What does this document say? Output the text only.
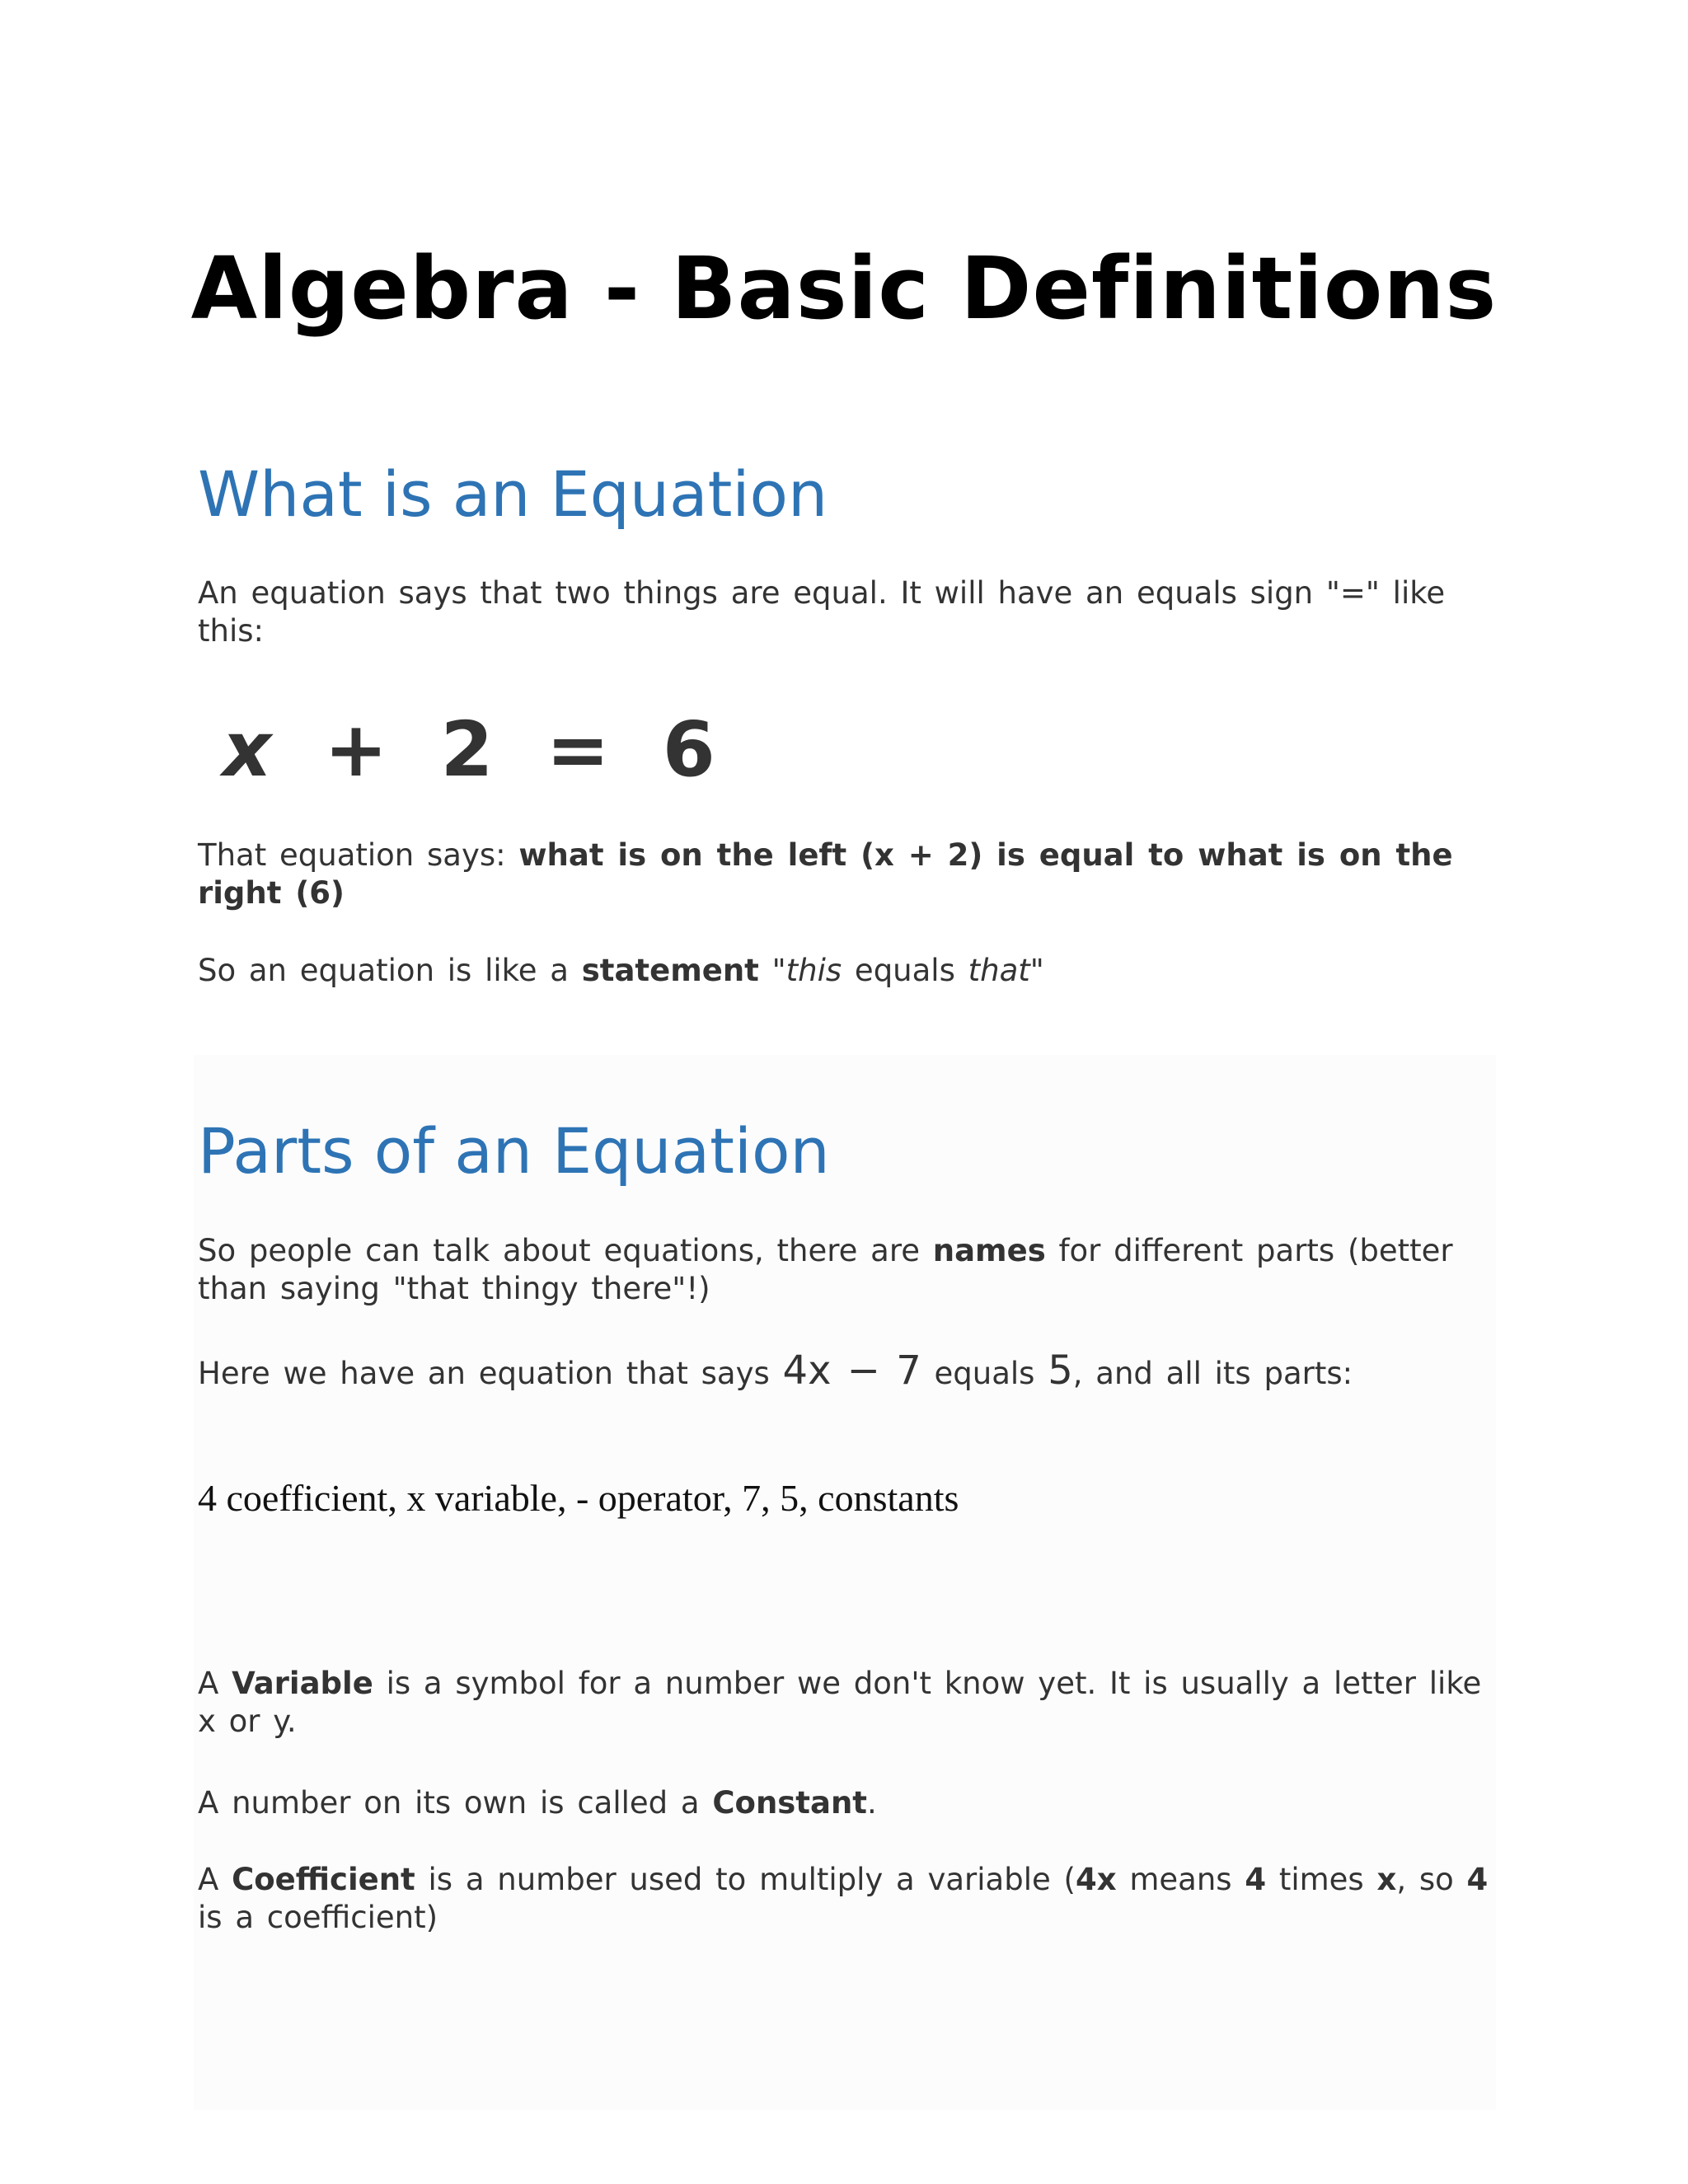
Algebra - Basic Definitions
What is an Equation

An equation says that two things are equal. It will have an equals sign "=" like this:

x  +  2  =  6

That equation says: what is on the left (x + 2) is equal to what is on the right (6)

So an equation is like a statement "this equals that"

Parts of an Equation

So people can talk about equations, there are names for different parts (better than saying "that thingy there"!)

Here we have an equation that says 4x − 7 equals 5, and all its parts:

4 coefficient, x variable, - operator, 7, 5, constants

A Variable is a symbol for a number we don't know yet. It is usually a letter like x or y.

A number on its own is called a Constant.

A Coefficient is a number used to multiply a variable (4x means 4 times x, so 4 is a coefficient)
